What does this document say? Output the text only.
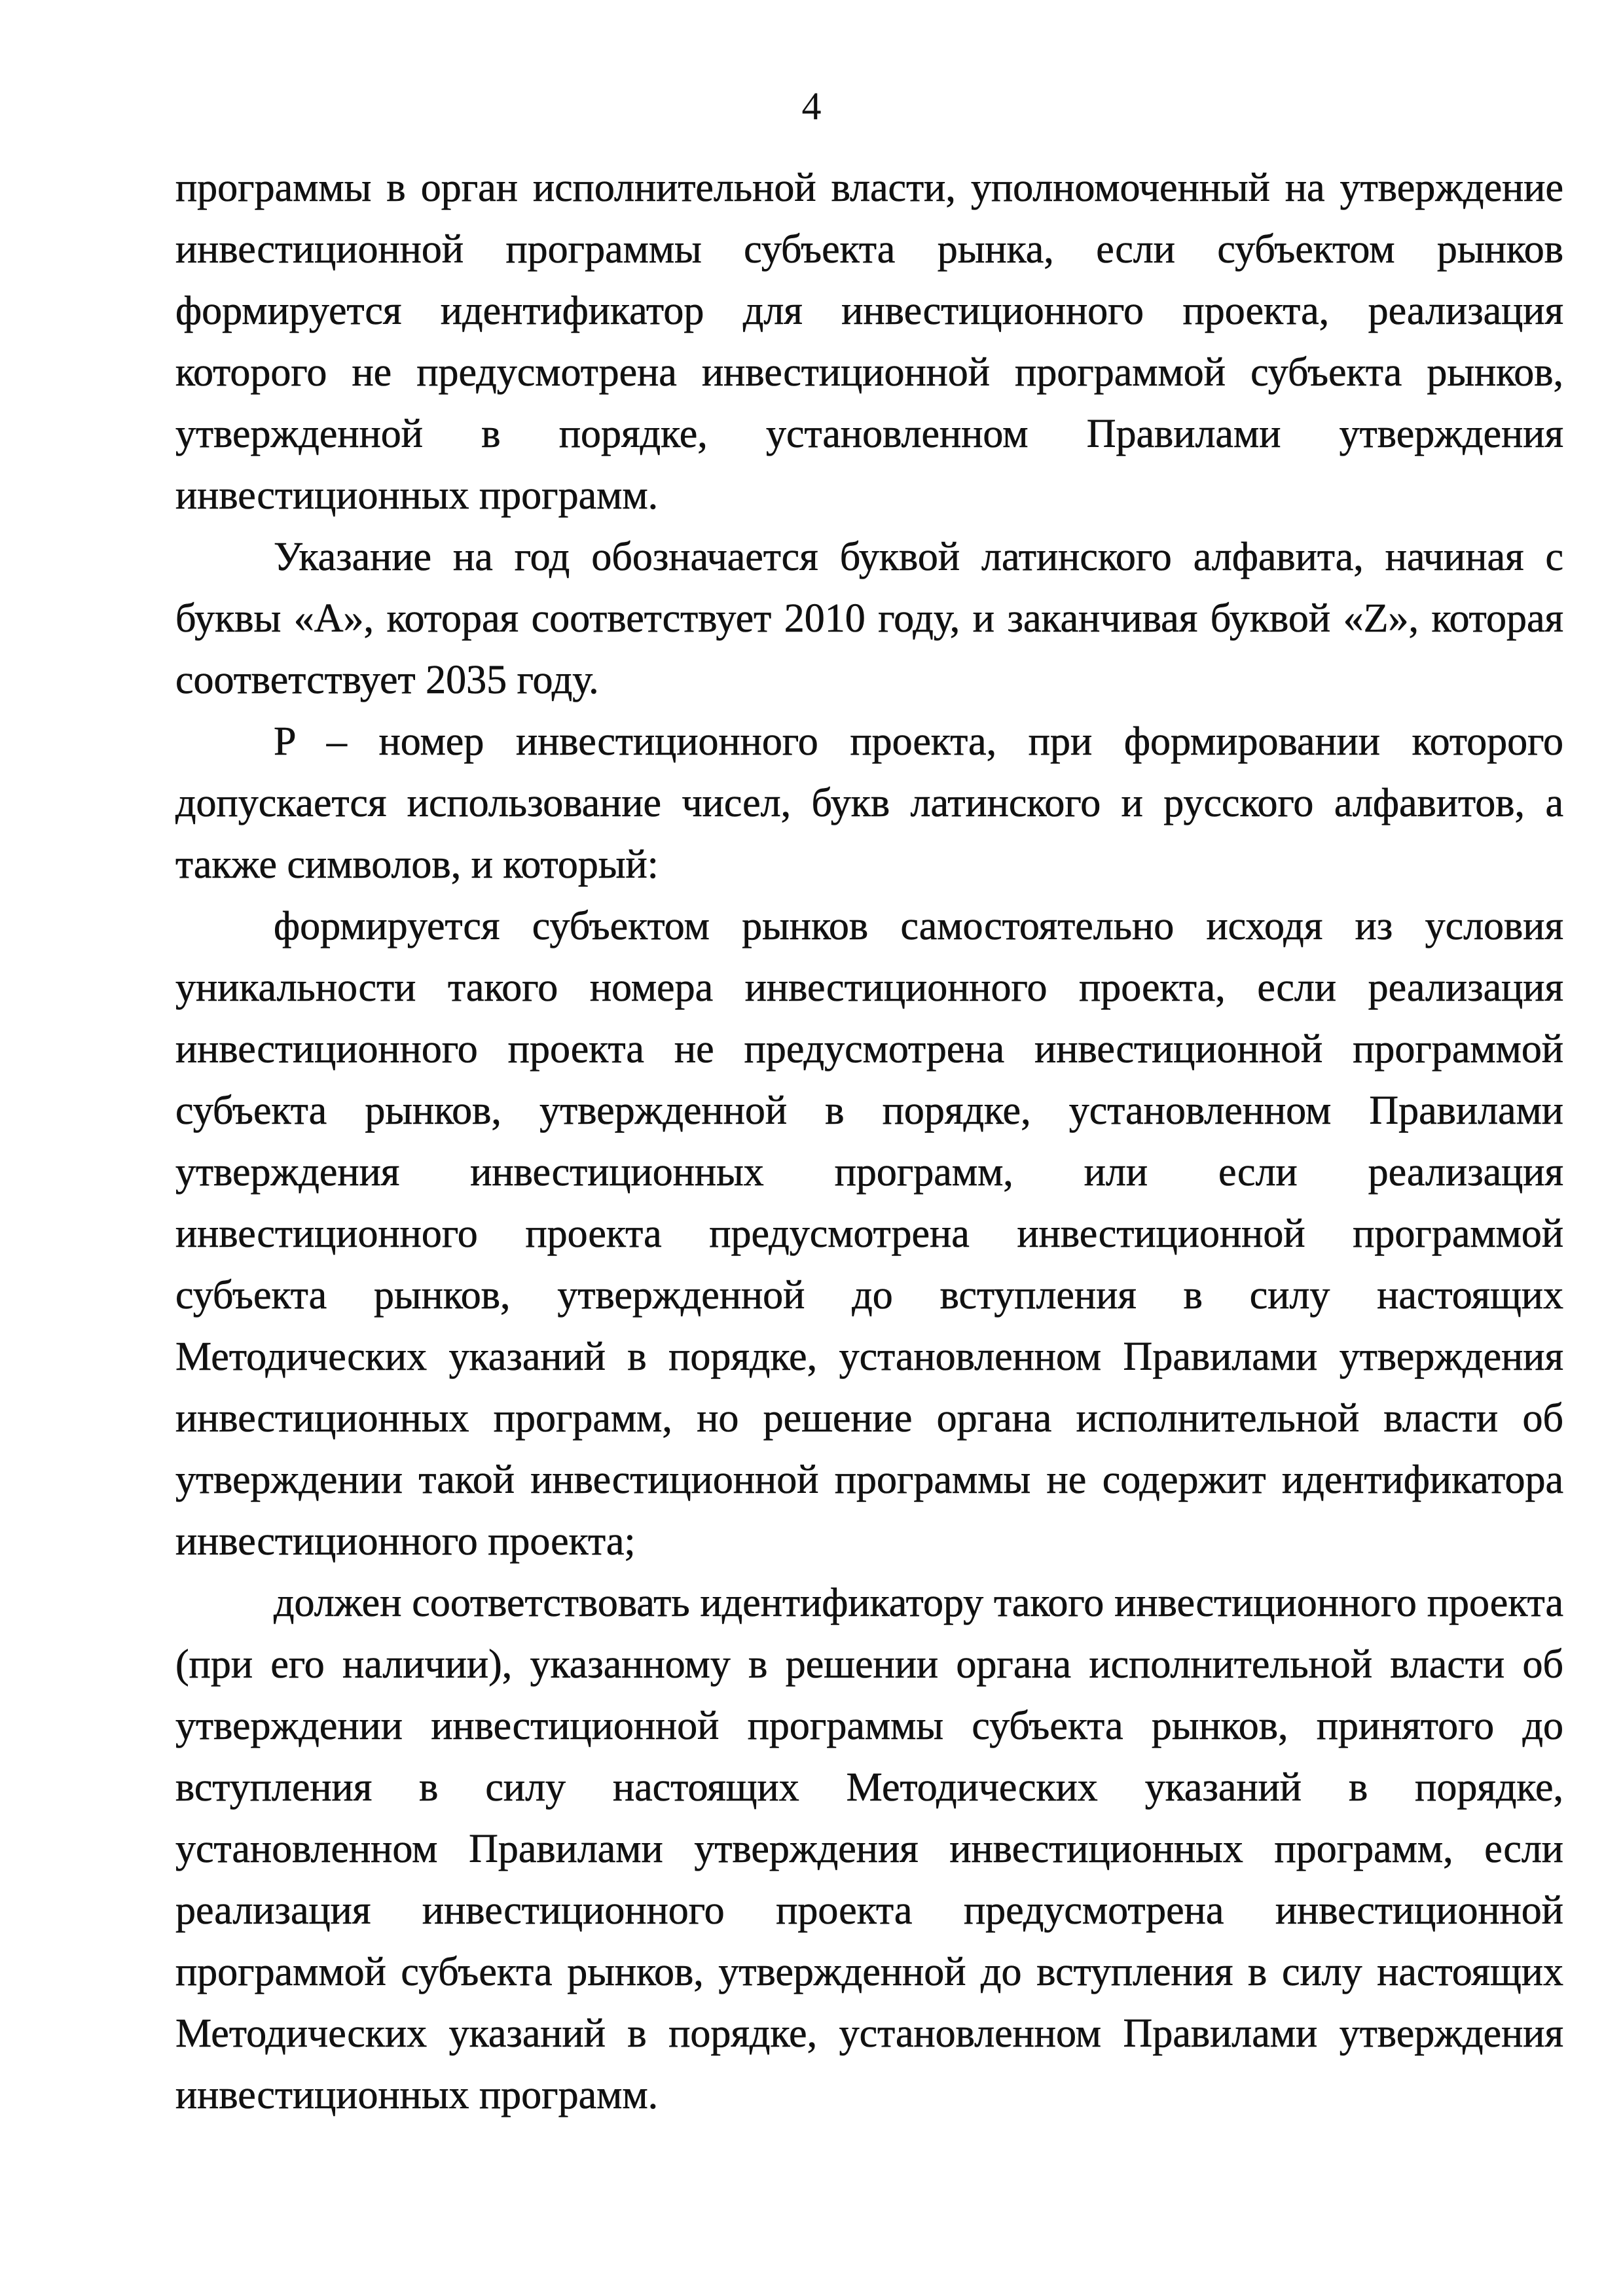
4

программы в орган исполнительной власти, уполномоченный на утверждение инвестиционной программы субъекта рынка, если субъектом рынков формируется идентификатор для инвестиционного проекта, реализация которого не предусмотрена инвестиционной программой субъекта рынков, утвержденной в порядке, установленном Правилами утверждения инвестиционных программ.

Указание на год обозначается буквой латинского алфавита, начиная с буквы «A», которая соответствует 2010 году, и заканчивая буквой «Z», которая соответствует 2035 году.

P – номер инвестиционного проекта, при формировании которого допускается использование чисел, букв латинского и русского алфавитов, а также символов, и который:

формируется субъектом рынков самостоятельно исходя из условия уникальности такого номера инвестиционного проекта, если реализация инвестиционного проекта не предусмотрена инвестиционной программой субъекта рынков, утвержденной в порядке, установленном Правилами утверждения инвестиционных программ, или если реализация инвестиционного проекта предусмотрена инвестиционной программой субъекта рынков, утвержденной до вступления в силу настоящих Методических указаний в порядке, установленном Правилами утверждения инвестиционных программ, но решение органа исполнительной власти об утверждении такой инвестиционной программы не содержит идентификатора инвестиционного проекта;

должен соответствовать идентификатору такого инвестиционного проекта (при его наличии), указанному в решении органа исполнительной власти об утверждении инвестиционной программы субъекта рынков, принятого до вступления в силу настоящих Методических указаний в порядке, установленном Правилами утверждения инвестиционных программ, если реализация инвестиционного проекта предусмотрена инвестиционной программой субъекта рынков, утвержденной до вступления в силу настоящих Методических указаний в порядке, установленном Правилами утверждения инвестиционных программ.
